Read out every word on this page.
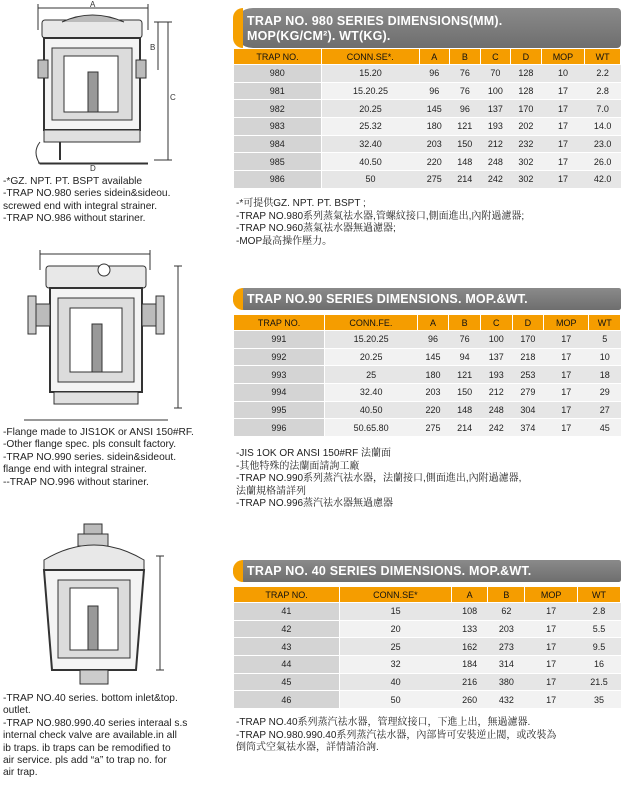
A
B
C
D
-*GZ. NPT. PT. BSPT available
-TRAP NO.980 series sidein&sideou.
screwed end with integral strainer.
-TRAP NO.986 without stariner.
-Flange made to JIS1OK or ANSI 150#RF.
-Other flange spec. pls consult factory.
-TRAP NO.990 series. sidein&sideout.
flange end with integral strainer.
--TRAP NO.996 without stariner.
-TRAP NO.40 series. bottom inlet&top.
outlet.
-TRAP NO.980.990.40 series interaal s.s
internal check valve are available.in all
ib traps. ib traps can be remodified to
air service. pls add “a” to trap no. for
air trap.
TRAP NO. 980 SERIES DIMENSIONS(MM).
MOP(KG/CM²). WT(KG).
TRAP NO.	CONN.SE*.	A	B	C	D	MOP	WT
980	15.20	96	76	70	128	10	2.2
981	15.20.25	96	76	100	128	17	2.8
982	20.25	145	96	137	170	17	7.0
983	25.32	180	121	193	202	17	14.0
984	32.40	203	150	212	232	17	23.0
985	40.50	220	148	248	302	17	26.0
986	50	275	214	242	302	17	42.0
-*可提供GZ. NPT. PT. BSPT ;
-TRAP NO.980系列蒸氣祛水器,管螺紋接口,側面進出,內附過濾器;
-TRAP NO.960蒸氣祛水器無過濾器;
-MOP最高操作壓力。
TRAP NO.90 SERIES DIMENSIONS. MOP.&WT.
TRAP NO.	CONN.FE.	A	B	C	D	MOP	WT
991	15.20.25	96	76	100	170	17	5
992	20.25	145	94	137	218	17	10
993	25	180	121	193	253	17	18
994	32.40	203	150	212	279	17	29
995	40.50	220	148	248	304	17	27
996	50.65.80	275	214	242	374	17	45
-JIS 1OK OR ANSI 150#RF 法蘭面
-其他特殊的法蘭面請詢工廠
-TRAP NO.990系列蒸汽祛水器，法蘭接口,側面進出,內附過濾器,
法蘭規格請詳列
-TRAP NO.996蒸汽祛水器無過慮器
TRAP NO. 40 SERIES DIMENSIONS. MOP.&WT.
TRAP NO.	CONN.SE*	A	B	MOP	WT
41	15	108	62	17	2.8
42	20	133	203	17	5.5
43	25	162	273	17	9.5
44	32	184	314	17	16
45	40	216	380	17	21.5
46	50	260	432	17	35
-TRAP NO.40系列蒸汽祛水器，管理紋接口，下進上出，無過濾器.
-TRAP NO.980.990.40系列蒸汽祛水器，內部皆可安裝逆止閥，或改裝為
倒筒式空氣祛水器，詳情請洽詢.
